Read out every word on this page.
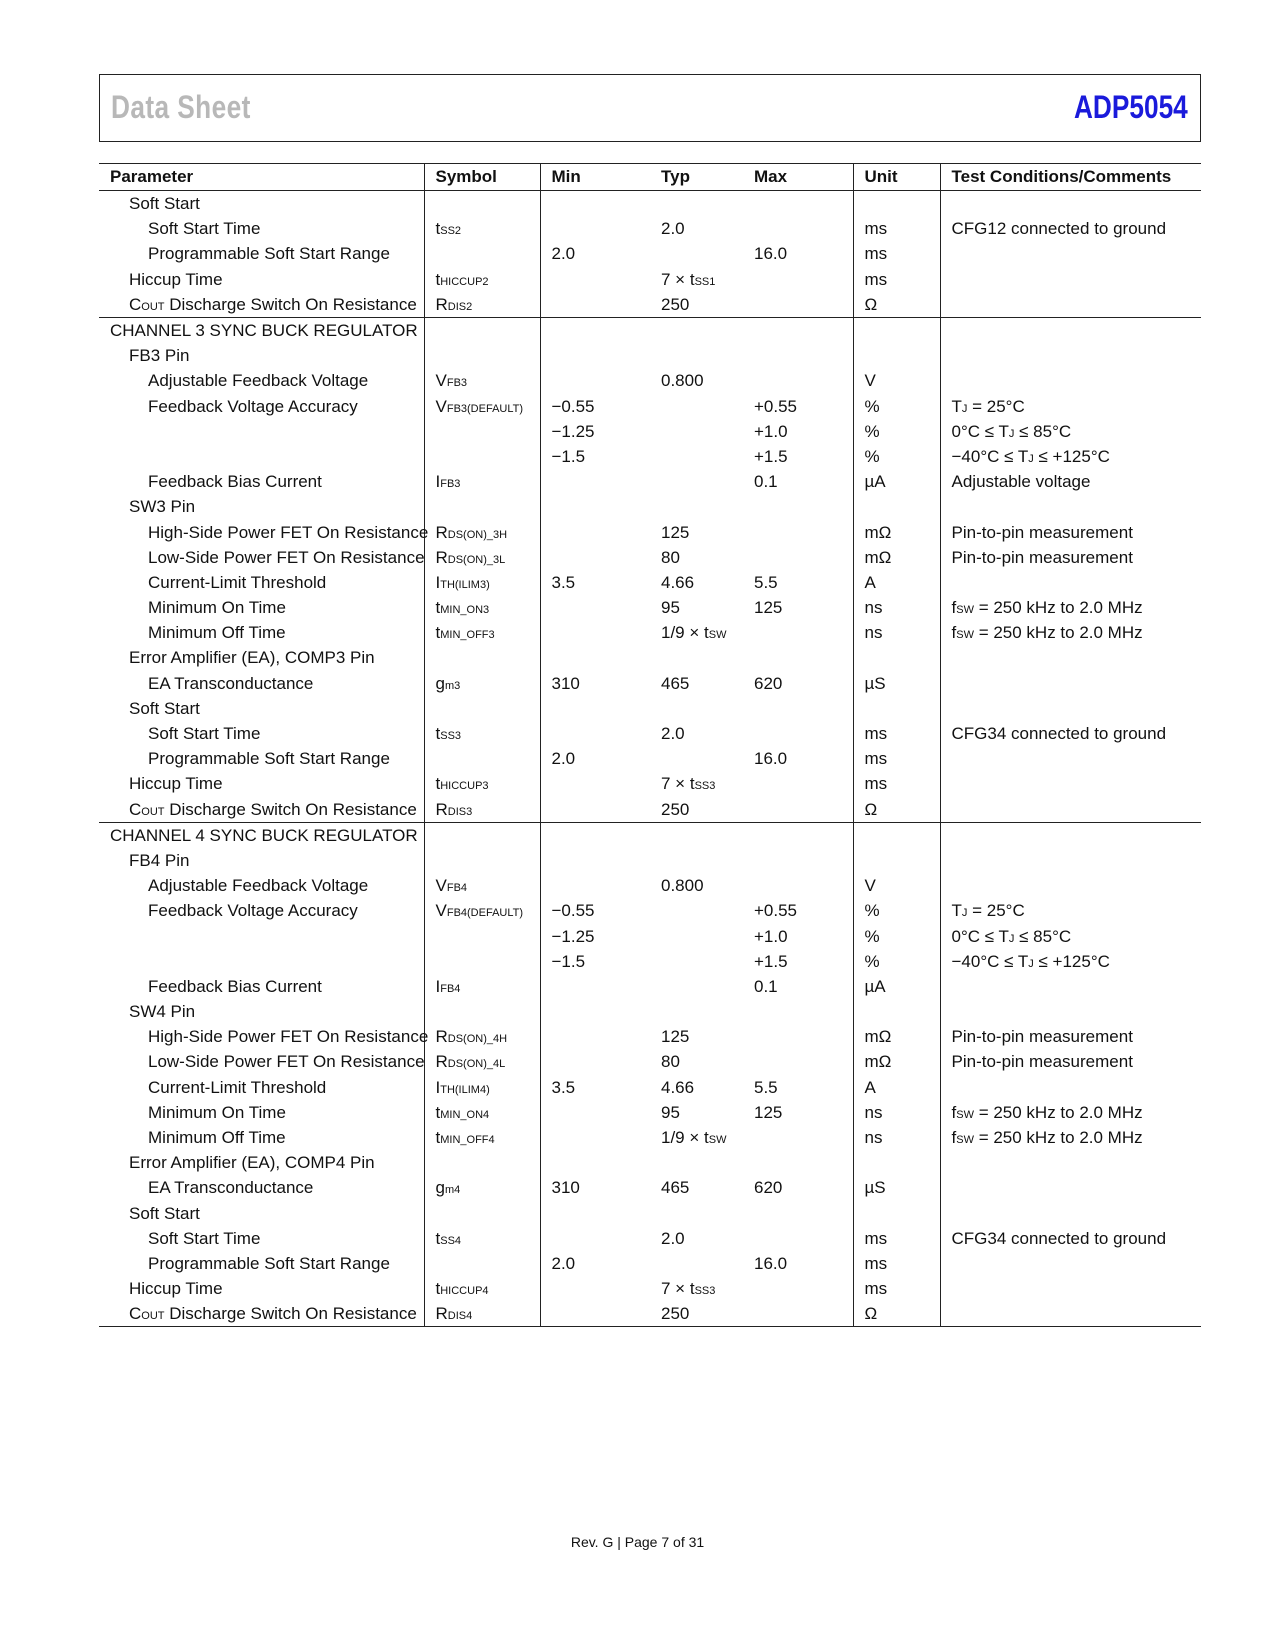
Data Sheet	ADP5054
Parameter	Symbol	Min	Typ	Max	Unit	Test Conditions/Comments
Soft Start						
Soft Start Time	tSS2		2.0		ms	CFG12 connected to ground
Programmable Soft Start Range		2.0		16.0	ms	
Hiccup Time	tHICCUP2		7 × tSS1		ms	
COUT Discharge Switch On Resistance	RDIS2		250		Ω	
CHANNEL 3 SYNC BUCK REGULATOR						
FB3 Pin						
Adjustable Feedback Voltage	VFB3		0.800		V	
Feedback Voltage Accuracy	VFB3(DEFAULT)	−0.55		+0.55	%	TJ = 25°C
		−1.25		+1.0	%	0°C ≤ TJ ≤ 85°C
		−1.5		+1.5	%	−40°C ≤ TJ ≤ +125°C
Feedback Bias Current	IFB3			0.1	µA	Adjustable voltage
SW3 Pin						
High-Side Power FET On Resistance	RDS(ON)_3H		125		mΩ	Pin-to-pin measurement
Low-Side Power FET On Resistance	RDS(ON)_3L		80		mΩ	Pin-to-pin measurement
Current-Limit Threshold	ITH(ILIM3)	3.5	4.66	5.5	A	
Minimum On Time	tMIN_ON3		95	125	ns	fSW = 250 kHz to 2.0 MHz
Minimum Off Time	tMIN_OFF3		1/9 × tSW		ns	fSW = 250 kHz to 2.0 MHz
Error Amplifier (EA), COMP3 Pin						
EA Transconductance	gm3	310	465	620	µS	
Soft Start						
Soft Start Time	tSS3		2.0		ms	CFG34 connected to ground
Programmable Soft Start Range		2.0		16.0	ms	
Hiccup Time	tHICCUP3		7 × tSS3		ms	
COUT Discharge Switch On Resistance	RDIS3		250		Ω	
CHANNEL 4 SYNC BUCK REGULATOR						
FB4 Pin						
Adjustable Feedback Voltage	VFB4		0.800		V	
Feedback Voltage Accuracy	VFB4(DEFAULT)	−0.55		+0.55	%	TJ = 25°C
		−1.25		+1.0	%	0°C ≤ TJ ≤ 85°C
		−1.5		+1.5	%	−40°C ≤ TJ ≤ +125°C
Feedback Bias Current	IFB4			0.1	µA	
SW4 Pin						
High-Side Power FET On Resistance	RDS(ON)_4H		125		mΩ	Pin-to-pin measurement
Low-Side Power FET On Resistance	RDS(ON)_4L		80		mΩ	Pin-to-pin measurement
Current-Limit Threshold	ITH(ILIM4)	3.5	4.66	5.5	A	
Minimum On Time	tMIN_ON4		95	125	ns	fSW = 250 kHz to 2.0 MHz
Minimum Off Time	tMIN_OFF4		1/9 × tSW		ns	fSW = 250 kHz to 2.0 MHz
Error Amplifier (EA), COMP4 Pin						
EA Transconductance	gm4	310	465	620	µS	
Soft Start						
Soft Start Time	tSS4		2.0		ms	CFG34 connected to ground
Programmable Soft Start Range		2.0		16.0	ms	
Hiccup Time	tHICCUP4		7 × tSS3		ms	
COUT Discharge Switch On Resistance	RDIS4		250		Ω	
Rev. G | Page 7 of 31
